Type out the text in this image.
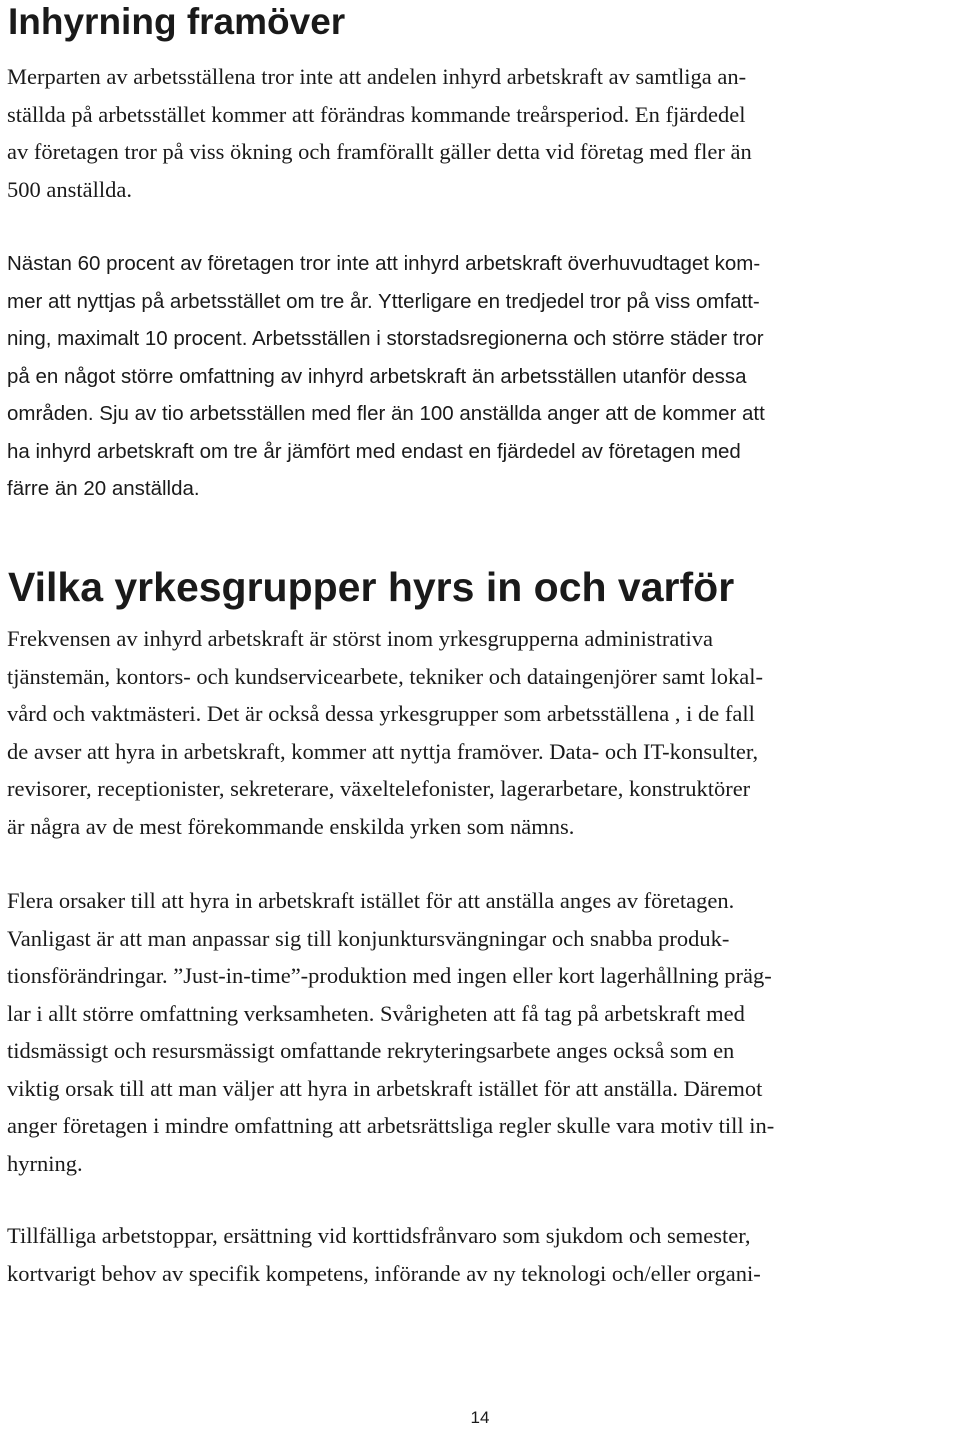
Inhyrning framöver

Merparten av arbetsställena tror inte att andelen inhyrd arbetskraft av samtliga an-
ställda på arbetsstället kommer att förändras kommande treårsperiod. En fjärdedel
av företagen tror på viss ökning och framförallt gäller detta vid företag med fler än
500 anställda.

Nästan 60 procent av företagen tror inte att inhyrd arbetskraft överhuvudtaget kom-
mer att nyttjas på arbetsstället om tre år. Ytterligare en tredjedel tror på viss omfatt-
ning, maximalt 10 procent. Arbetsställen i storstadsregionerna och större städer tror
på en något större omfattning av inhyrd arbetskraft än arbetsställen utanför dessa
områden. Sju av tio arbetsställen med fler än 100 anställda anger att de kommer att
ha inhyrd arbetskraft om tre år jämfört med endast en fjärdedel av företagen med
färre än 20 anställda.

Vilka yrkesgrupper hyrs in och varför

Frekvensen av inhyrd arbetskraft är störst inom yrkesgrupperna administrativa
tjänstemän, kontors- och kundservicearbete, tekniker och dataingenjörer samt lokal-
vård och vaktmästeri. Det är också dessa yrkesgrupper som arbetsställena , i de fall
de avser att hyra in arbetskraft, kommer att nyttja framöver. Data- och IT-konsulter,
revisorer, receptionister, sekreterare, växeltelefonister, lagerarbetare, konstruktörer
är några av de mest förekommande enskilda yrken som nämns.

Flera orsaker till att hyra in arbetskraft istället för att anställa anges av företagen.
Vanligast är att man anpassar sig till konjunktursvängningar och snabba produk-
tionsförändringar. ”Just-in-time”-produktion med ingen eller kort lagerhållning präg-
lar i allt större omfattning verksamheten. Svårigheten att få tag på arbetskraft med
tidsmässigt och resursmässigt omfattande rekryteringsarbete anges också som en
viktig orsak till att man väljer att hyra in arbetskraft istället för att anställa. Däremot
anger företagen i mindre omfattning att arbetsrättsliga regler skulle vara motiv till in-
hyrning.

Tillfälliga arbetstoppar, ersättning vid korttidsfrånvaro som sjukdom och semester,
kortvarigt behov av specifik kompetens, införande av ny teknologi och/eller organi-

14
